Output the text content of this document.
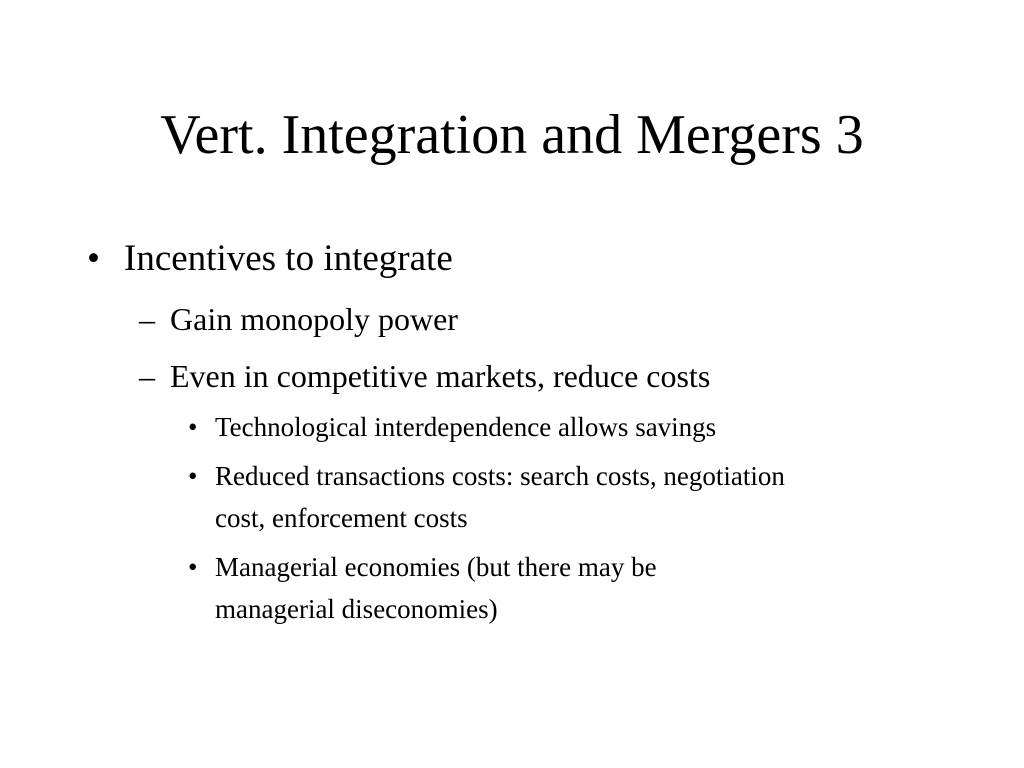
Vert. Integration and Mergers 3
• Incentives to integrate
– Gain monopoly power
– Even in competitive markets, reduce costs
• Technological interdependence allows savings
• Reduced transactions costs: search costs, negotiation
cost, enforcement costs
• Managerial economies (but there may be
managerial diseconomies)
